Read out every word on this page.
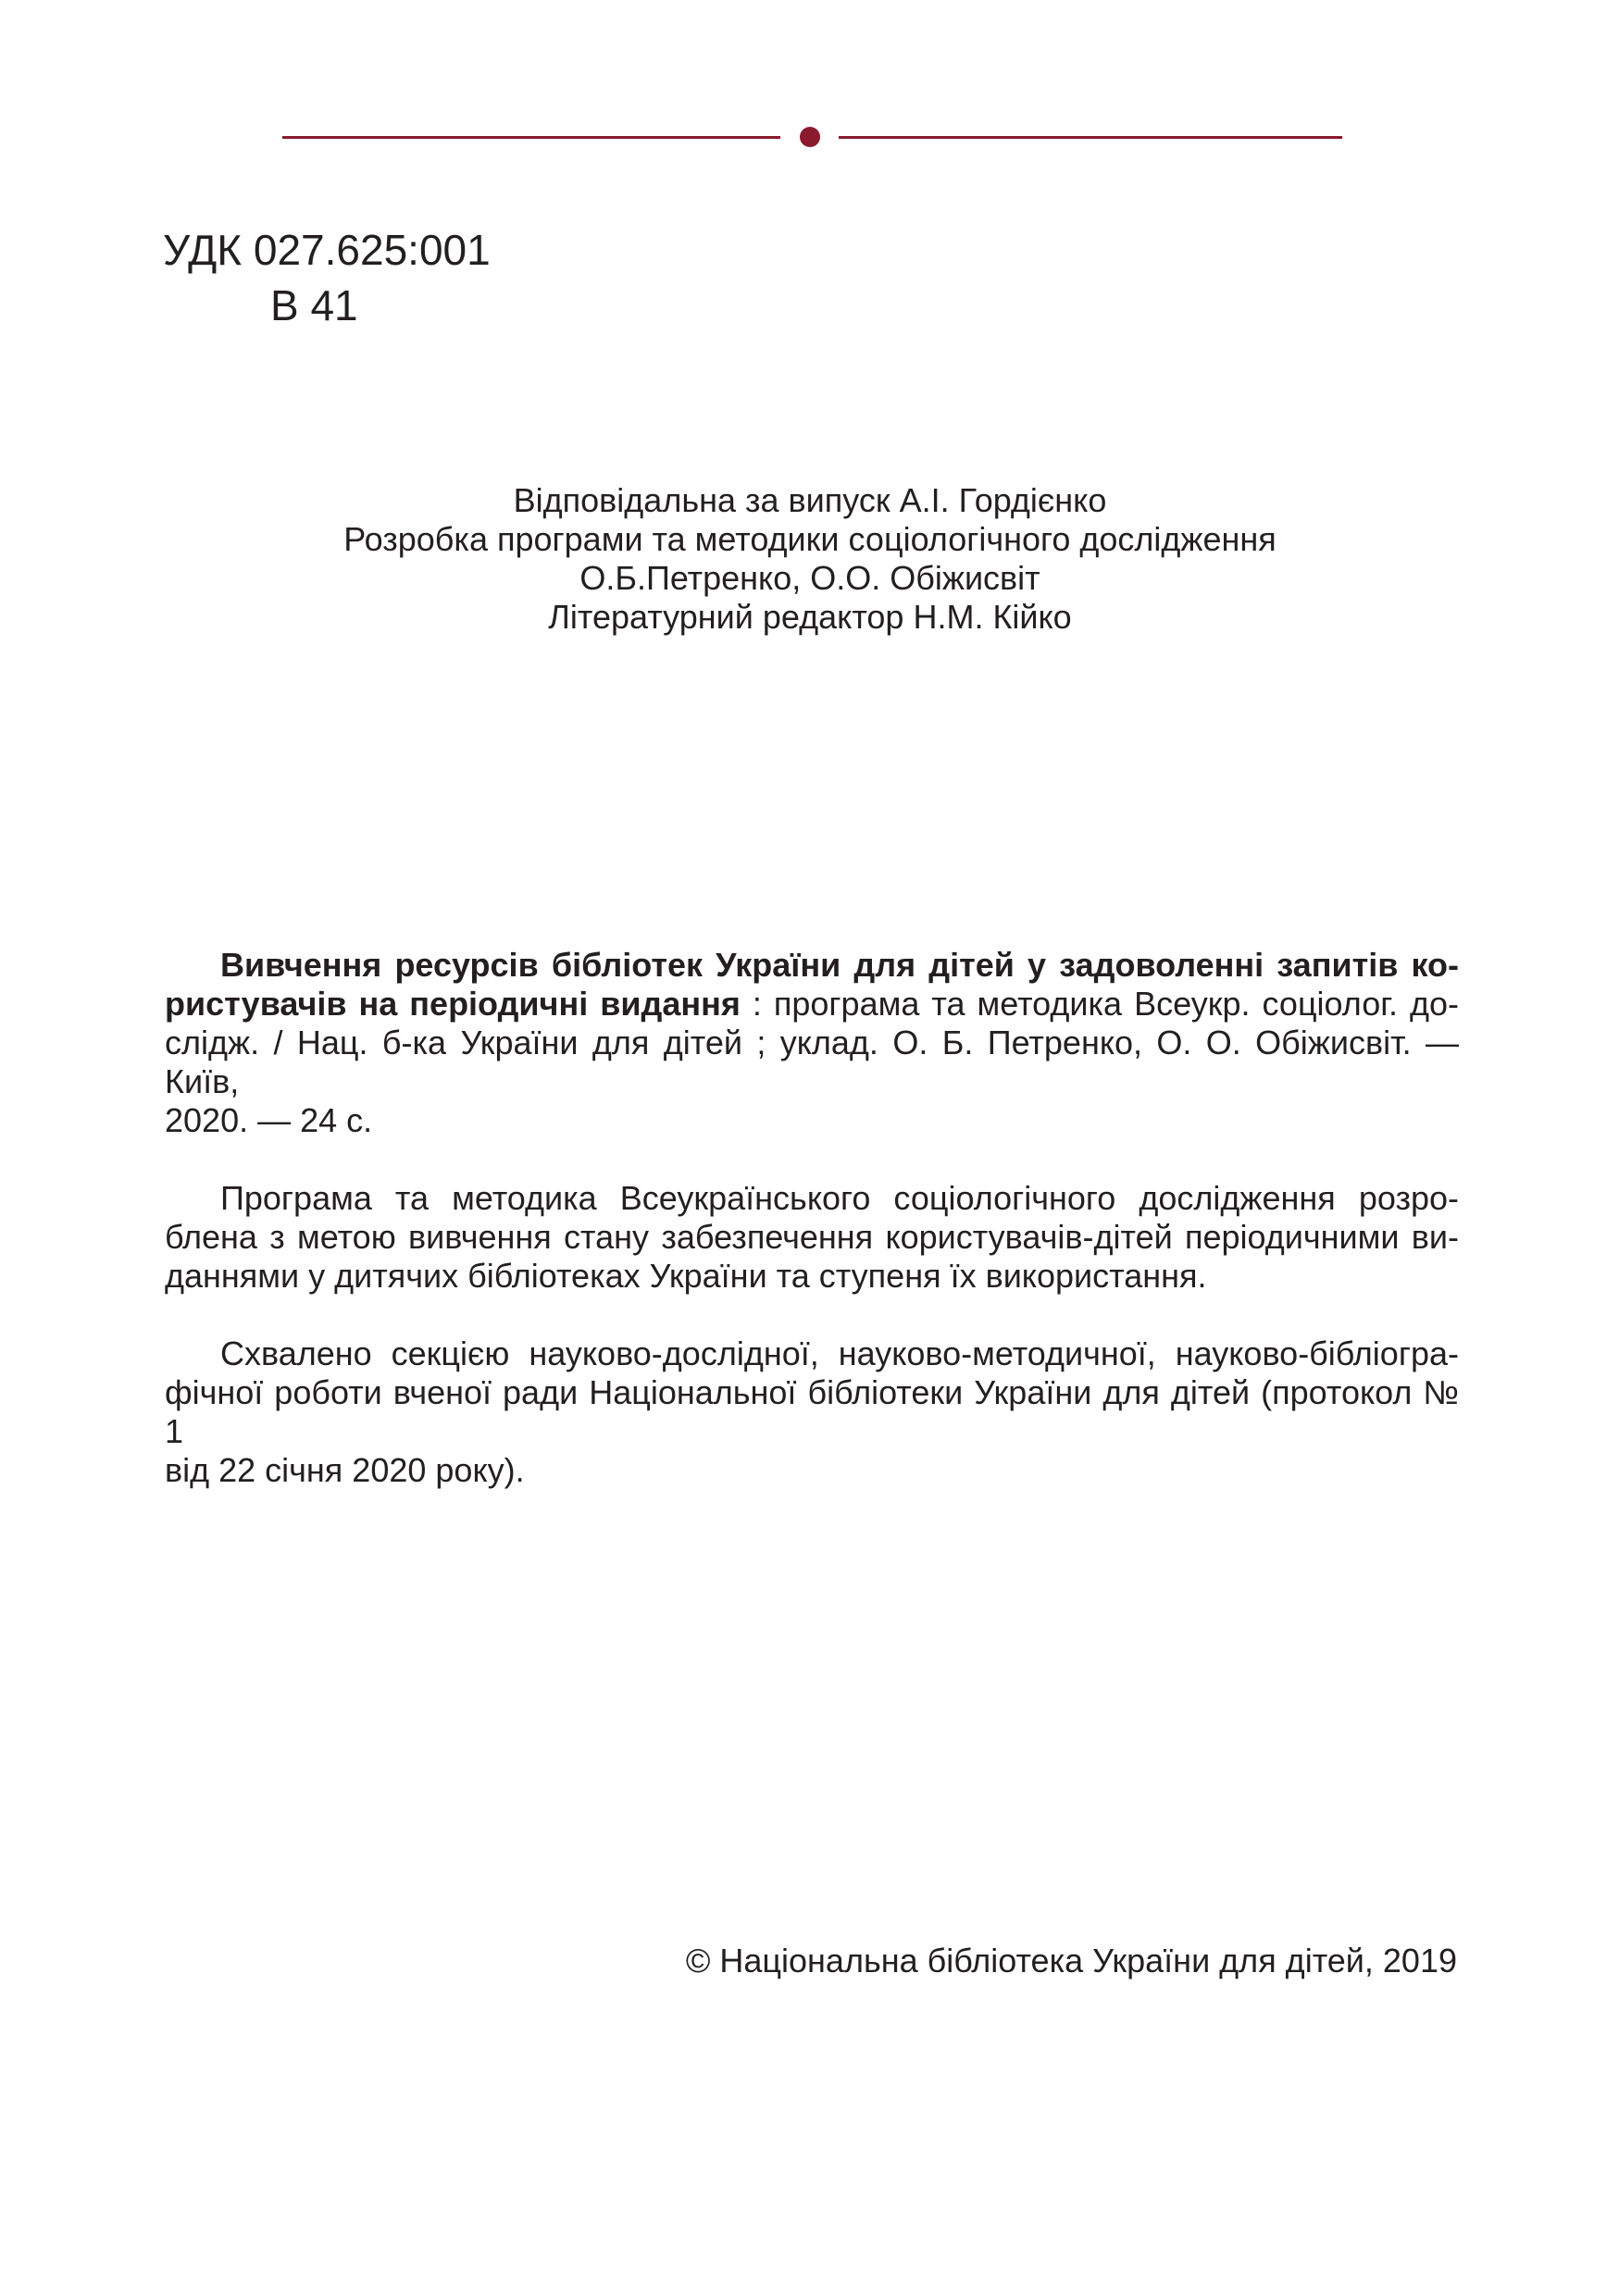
УДК 027.625:001
В 41
Відповідальна за випуск А.І. Гордієнко
Розробка програми та методики соціологічного дослідження
О.Б.Петренко, О.О. Обіжисвіт
Літературний редактор Н.М. Кійко

Вивчення ресурсів бібліотек України для дітей у задоволенні запитів ко-
ристувачів на періодичні видання : програма та методика Всеукр. соціолог. до-
слідж. / Нац. б-ка України для дітей ; уклад. О. Б. Петренко, О. О. Обіжисвіт. — Київ,
2020. — 24 с.

Програма та методика Всеукраїнського соціологічного дослідження розро-
блена з метою вивчення стану забезпечення користувачів-дітей періодичними ви-
даннями у дитячих бібліотеках України та ступеня їх використання.

Схвалено секцією науково-дослідної, науково-методичної, науково-бібліогра-
фічної роботи вченої ради Національної бібліотеки України для дітей (протокол № 1
від 22 січня 2020 року).

© Національна бібліотека України для дітей, 2019
